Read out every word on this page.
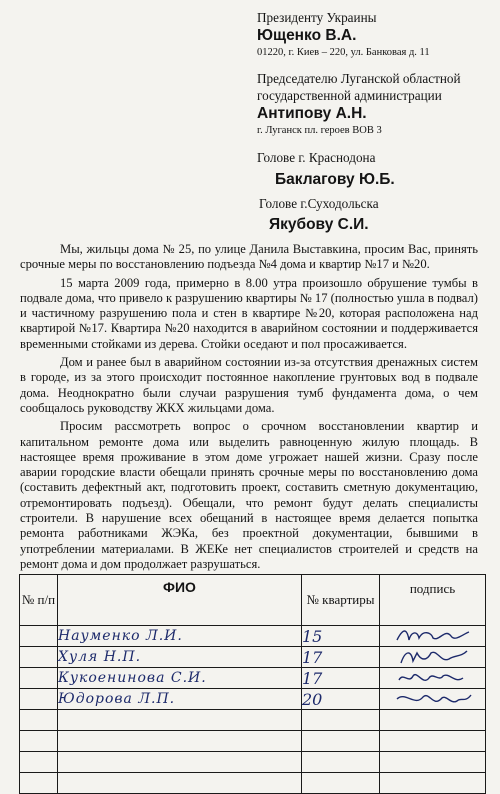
Президенту Украины
Ющенко В.А.
01220, г. Киев – 220, ул. Банковая д. 11
Председателю Луганской областной
государственной администрации
Антипову А.Н.
г. Луганск пл. героев ВОВ 3
Голове г. Краснодона
Баклагову Ю.Б.
Голове г.Суходольска
Якубову С.И.

Мы, жильцы дома № 25, по улице Данила Выставкина, просим Вас, принять срочные меры по восстановлению подъезда №4 дома и квартир №17 и №20.

15 марта 2009 года, примерно в 8.00 утра произошло обрушение тумбы в подвале дома, что привело к разрушению квартиры № 17 (полностью ушла в подвал) и частичному разрушению пола и стен в квартире №20, которая расположена над квартирой №17. Квартира №20 находится в аварийном состоянии и поддерживается временными стойками из дерева. Стойки оседают и пол просаживается.

Дом и ранее был в аварийном состоянии из-за отсутствия дренажных систем в городе, из за этого происходит постоянное накопление грунтовых вод в подвале дома. Неоднократно были случаи разрушения тумб фундамента дома, о чем сообщалось руководству ЖКХ жильцами дома.

Просим рассмотреть вопрос о срочном восстановлении квартир и капитальном ремонте дома или выделить равноценную жилую площадь. В настоящее время проживание в этом доме угрожает нашей жизни. Сразу после аварии городские власти обещали принять срочные меры по восстановлению дома (составить дефектный акт, подготовить проект, составить сметную документацию, отремонтировать подъезд). Обещали, что ремонт будут делать специалисты строители. В нарушение всех обещаний в настоящее время делается попытка ремонта работниками ЖЭКа, без проектной документации, бывшими в употреблении материалами. В ЖЕКе нет специалистов строителей и средств на ремонт дома и дом продолжает разрушаться.

№ п/п	ФИО	№ квартиры	подпись
	Науменко Л.И.	15	

	Хуля Н.П.	17	

	Кукоенинова С.И.	17	

	Юдорова Л.П.	20	
